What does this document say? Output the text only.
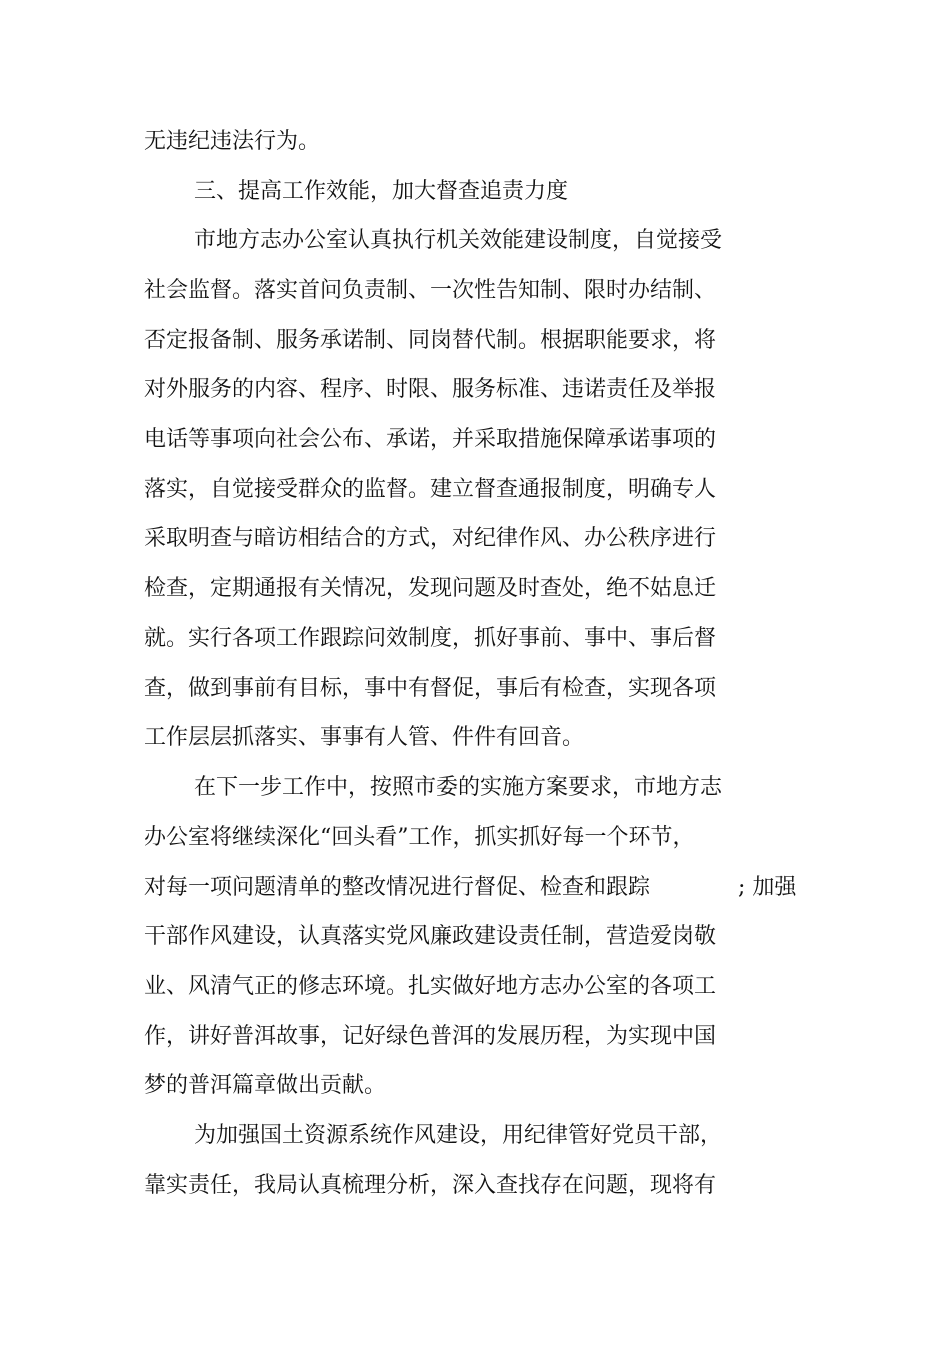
无违纪违法行为。
三、提高工作效能，加大督查追责力度
市地方志办公室认真执行机关效能建设制度，自觉接受
社会监督。落实首问负责制、一次性告知制、限时办结制、
否定报备制、服务承诺制、同岗替代制。根据职能要求，将
对外服务的内容、程序、时限、服务标准、违诺责任及举报
电话等事项向社会公布、承诺，并采取措施保障承诺事项的
落实，自觉接受群众的监督。建立督查通报制度，明确专人
采取明查与暗访相结合的方式，对纪律作风、办公秩序进行
检查，定期通报有关情况，发现问题及时查处，绝不姑息迁
就。实行各项工作跟踪问效制度，抓好事前、事中、事后督
查，做到事前有目标，事中有督促，事后有检查，实现各项
工作层层抓落实、事事有人管、件件有回音。
在下一步工作中，按照市委的实施方案要求，市地方志
办公室将继续深化“回头看”工作，抓实抓好每一个环节，
对每一项问题清单的整改情况进行督促、检查和跟踪	; 加强
干部作风建设，认真落实党风廉政建设责任制，营造爱岗敬
业、风清气正的修志环境。扎实做好地方志办公室的各项工
作，讲好普洱故事，记好绿色普洱的发展历程，为实现中国
梦的普洱篇章做出贡献。
为加强国土资源系统作风建设，用纪律管好党员干部，
靠实责任，我局认真梳理分析，深入查找存在问题，现将有
